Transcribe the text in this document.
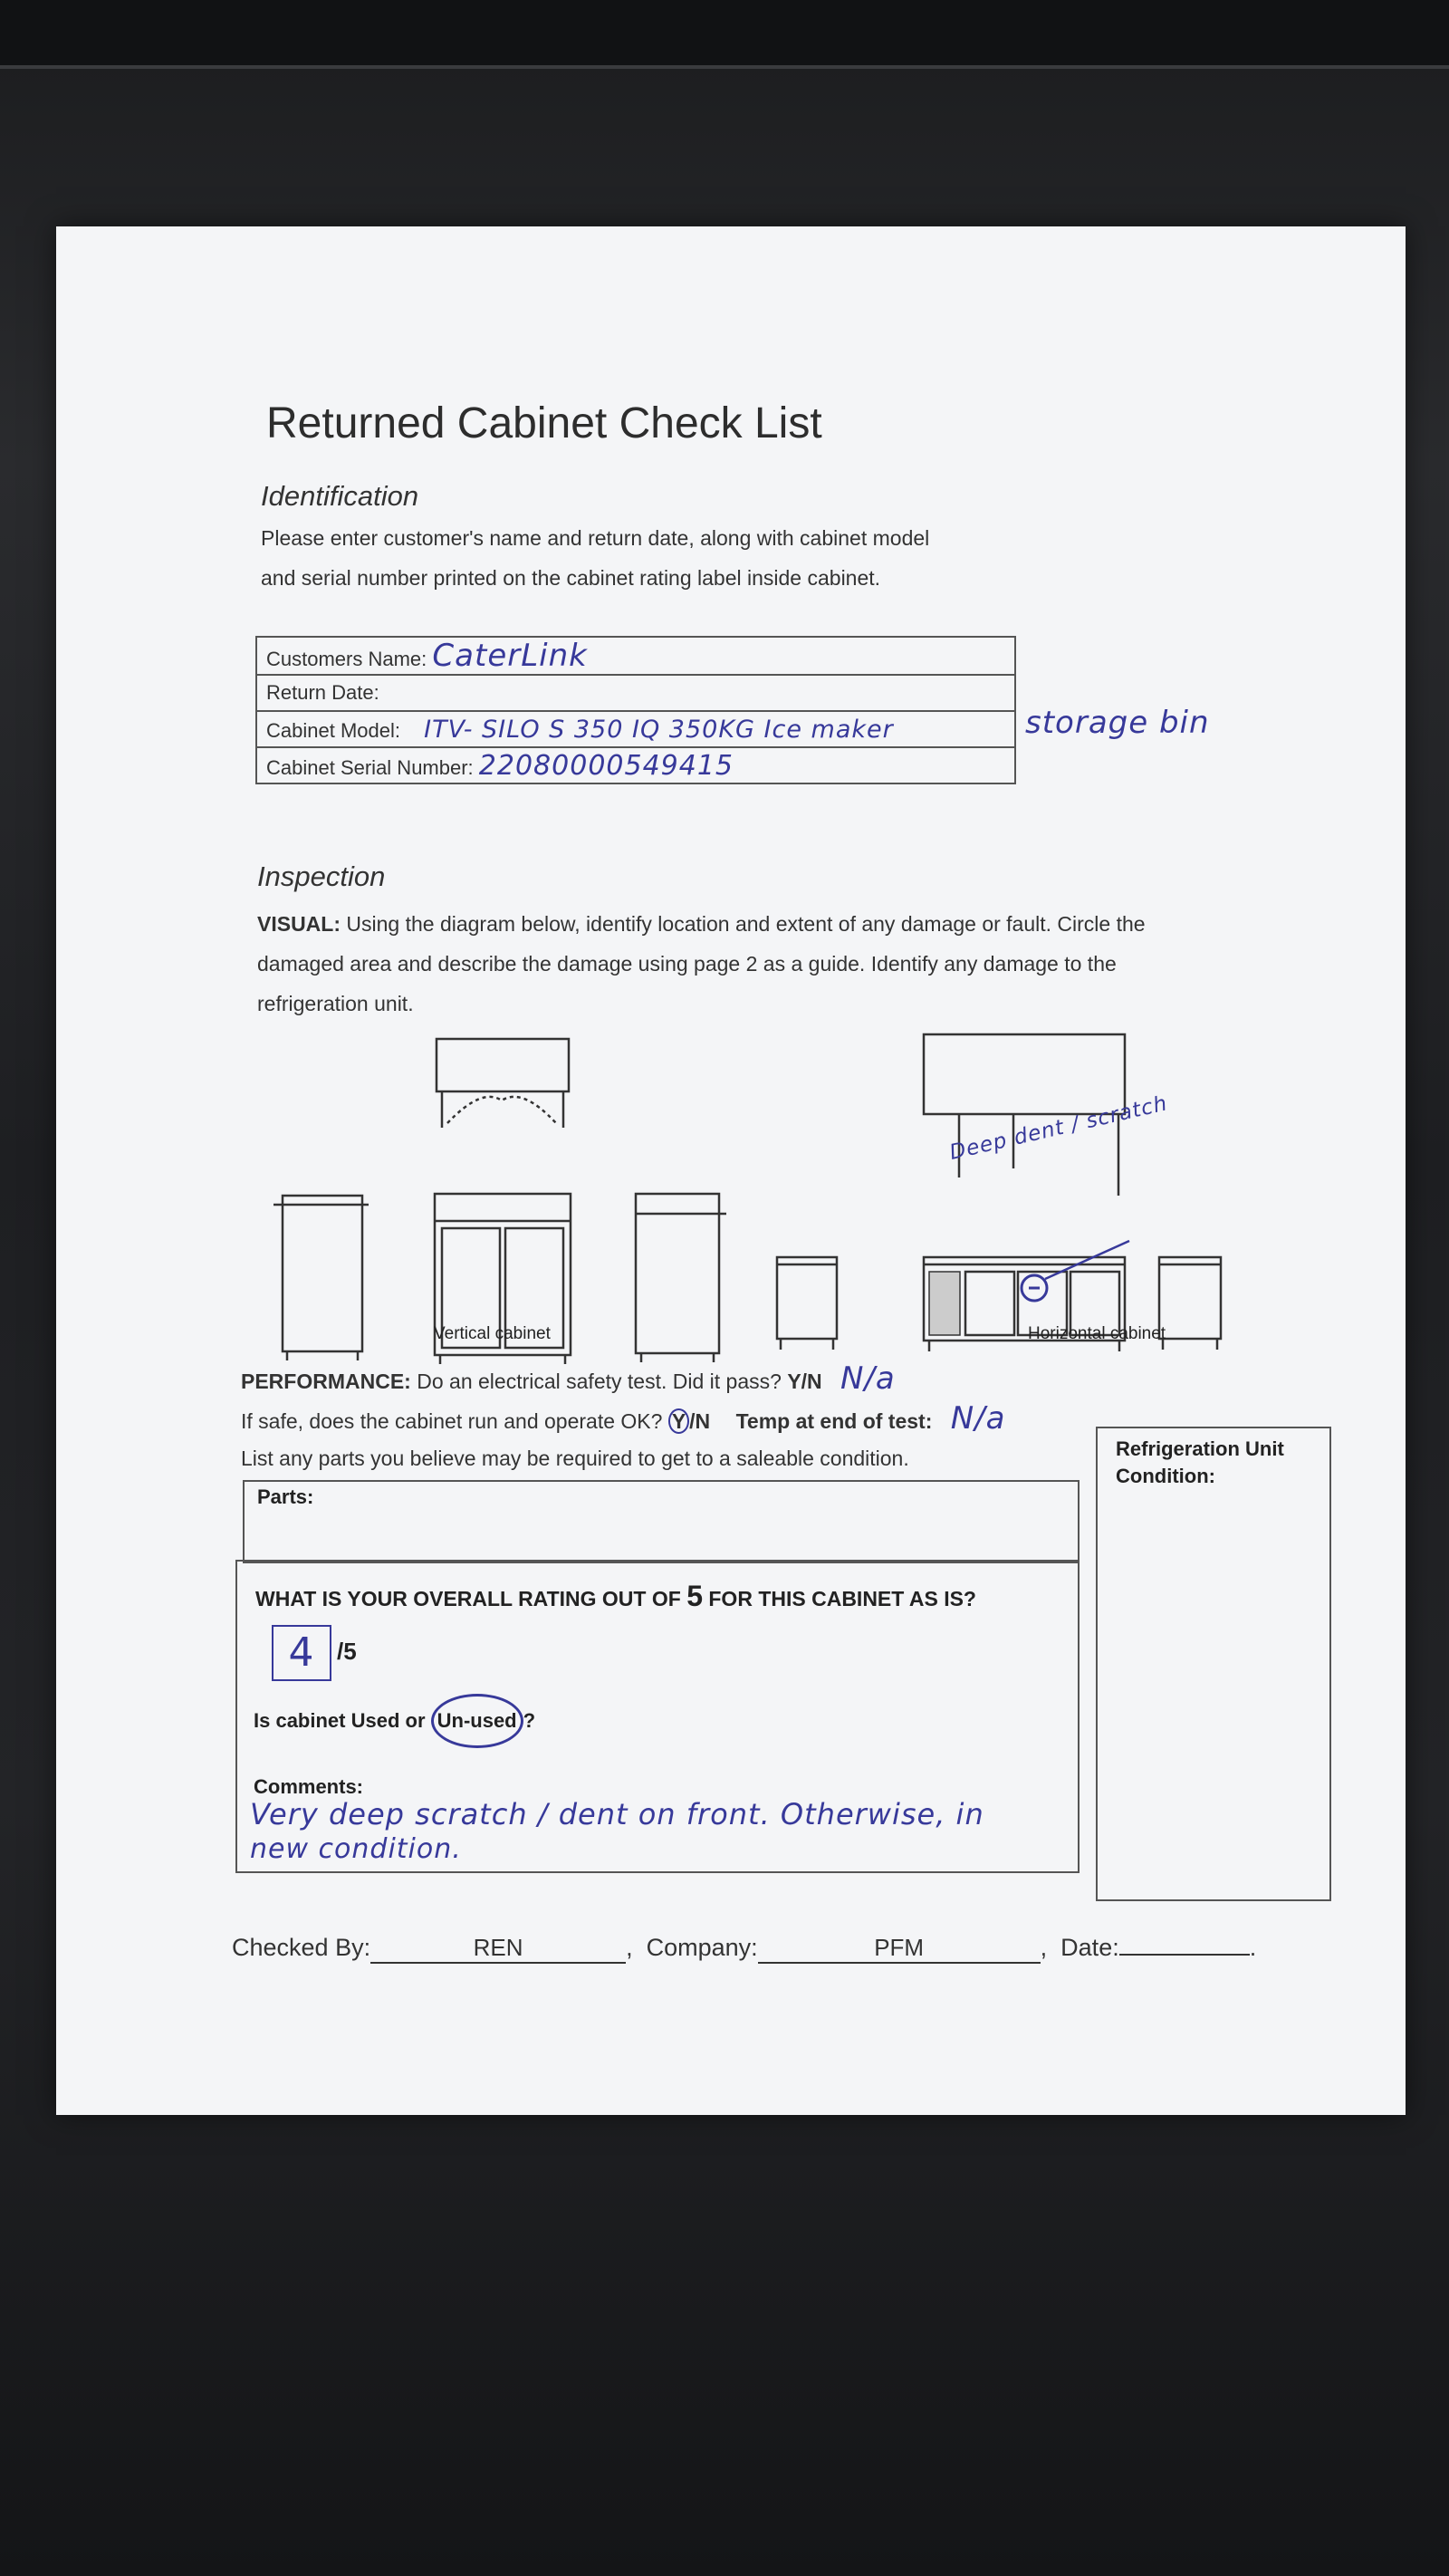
Returned Cabinet Check List
Identification
Please enter customer's name and return date, along with cabinet model
and serial number printed on the cabinet rating label inside cabinet.
Customers Name: CaterLink
Return Date:
Cabinet Model: ITV- SILO S 350 IQ 350KG Ice maker
Cabinet Serial Number: 22080000549415
storage bin
Inspection
VISUAL: Using the diagram below, identify location and extent of any damage or fault. Circle the
damaged area and describe the damage using page 2 as a guide. Identify any damage to the
refrigeration unit.
Deep dent / scratch
Vertical cabinet	Horizontal cabinet
PERFORMANCE: Do an electrical safety test. Did it pass? Y/N N/a
If safe, does the cabinet run and operate OK? Y /N Temp at end of test: N/a
List any parts you believe may be required to get to a saleable condition.
Parts:
Refrigeration Unit
Condition:
WHAT IS YOUR OVERALL RATING OUT OF 5 FOR THIS CABINET AS IS?
4 /5
Is cabinet Used or Un-used ?
Comments:
Very deep scratch / dent on front. Otherwise, in
new condition.
Checked By:	REN	,  Company:	PFM	,  Date:	.
